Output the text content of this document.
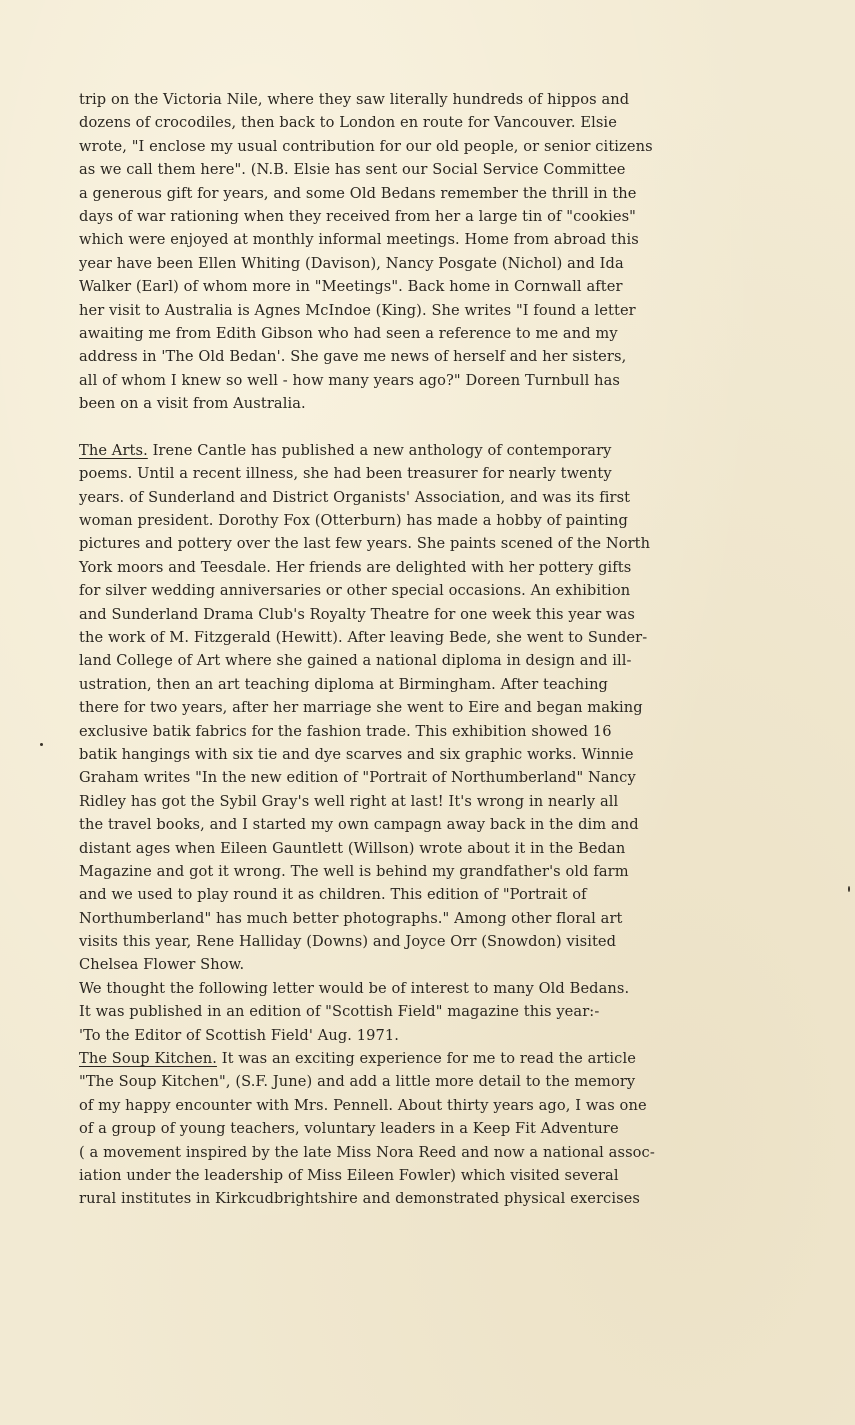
trip on the Victoria Nile, where they saw literally hundreds of hippos and
dozens of crocodiles, then back to London en route for Vancouver. Elsie
wrote, "I enclose my usual contribution for our old people, or senior citizens
as we call them here". (N.B. Elsie has sent our Social Service Committee
a generous gift for years, and some Old Bedans remember the thrill in the
days of war rationing when they received from her a large tin of "cookies"
which were enjoyed at monthly informal meetings. Home from abroad this
year have been Ellen Whiting (Davison), Nancy Posgate (Nichol) and Ida
Walker (Earl) of whom more in "Meetings". Back home in Cornwall after
her visit to Australia is Agnes McIndoe (King). She writes "I found a letter
awaiting me from Edith Gibson who had seen a reference to me and my
address in 'The Old Bedan'. She gave me news of herself and her sisters,
all of whom I knew so well - how many years ago?" Doreen Turnbull has
been on a visit from Australia.
The Arts. Irene Cantle has published a new anthology of contemporary
poems. Until a recent illness, she had been treasurer for nearly twenty
years. of Sunderland and District Organists' Association, and was its first
woman president. Dorothy Fox (Otterburn) has made a hobby of painting
pictures and pottery over the last few years. She paints scened of the North
York moors and Teesdale. Her friends are delighted with her pottery gifts
for silver wedding anniversaries or other special occasions. An exhibition
and Sunderland Drama Club's Royalty Theatre for one week this year was
the work of M. Fitzgerald (Hewitt). After leaving Bede, she went to Sunder-
land College of Art where she gained a national diploma in design and ill-
ustration, then an art teaching diploma at Birmingham. After teaching
there for two years, after her marriage she went to Eire and began making
exclusive batik fabrics for the fashion trade. This exhibition showed 16
batik hangings with six tie and dye scarves and six graphic works. Winnie
Graham writes "In the new edition of "Portrait of Northumberland" Nancy
Ridley has got the Sybil Gray's well right at last! It's wrong in nearly all
the travel books, and I started my own campagn away back in the dim and
distant ages when Eileen Gauntlett (Willson) wrote about it in the Bedan
Magazine and got it wrong. The well is behind my grandfather's old farm
and we used to play round it as children. This edition of "Portrait of
Northumberland" has much better photographs." Among other floral art
visits this year, Rene Halliday (Downs) and Joyce Orr (Snowdon) visited
Chelsea Flower Show.
We thought the following letter would be of interest to many Old Bedans.
It was published in an edition of "Scottish Field" magazine this year:-
'To the Editor of Scottish Field' Aug. 1971.
The Soup Kitchen. It was an exciting experience for me to read the article
"The Soup Kitchen", (S.F. June) and add a little more detail to the memory
of my happy encounter with Mrs. Pennell. About thirty years ago, I was one
of a group of young teachers, voluntary leaders in a Keep Fit Adventure
( a movement inspired by the late Miss Nora Reed and now a national assoc-
iation under the leadership of Miss Eileen Fowler) which visited several
rural institutes in Kirkcudbrightshire and demonstrated physical exercises
